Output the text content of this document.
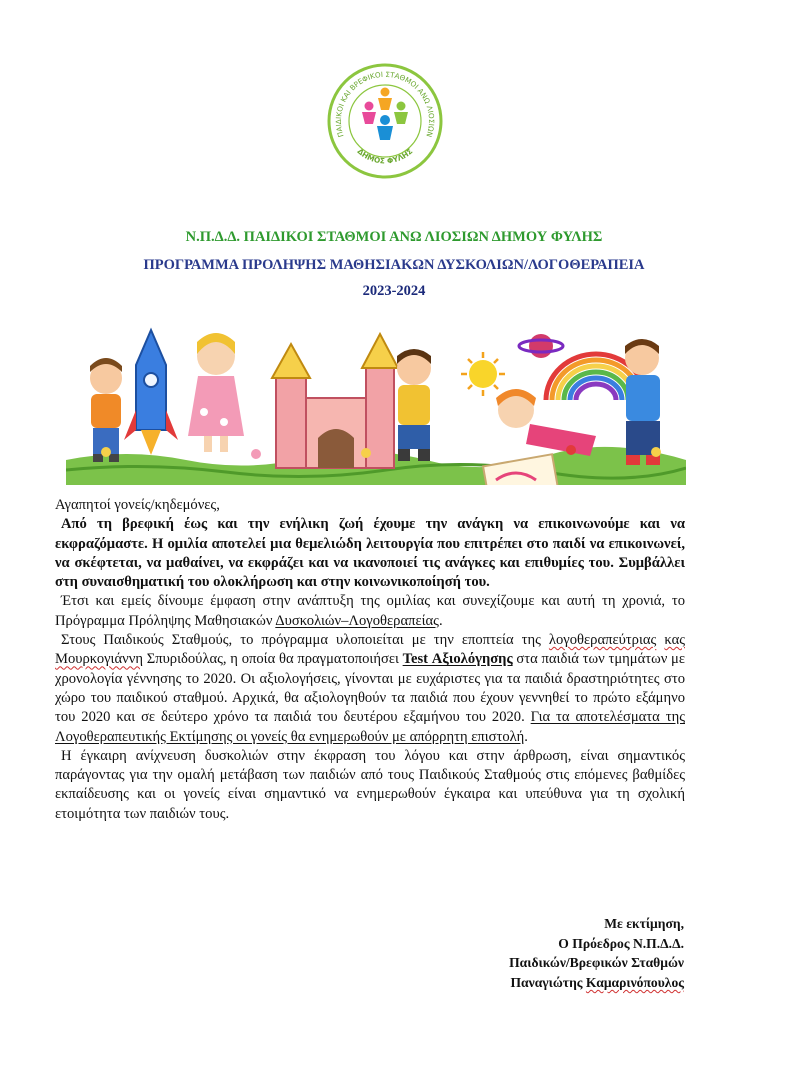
ΠΑΙΔΙΚΟΙ ΚΑΙ ΒΡΕΦΙΚΟΙ ΣΤΑΘΜΟΙ ΑΝΩ ΛΙΟΣΙΩΝ
ΔΗΜΟΣ ΦΥΛΗΣ
Ν.Π.Δ.Δ. ΠΑΙΔΙΚΟΙ ΣΤΑΘΜΟΙ ΑΝΩ ΛΙΟΣΙΩΝ ΔΗΜΟΥ ΦΥΛΗΣ
ΠΡΟΓΡΑΜΜΑ ΠΡΟΛΗΨΗΣ ΜΑΘΗΣΙΑΚΩΝ ΔΥΣΚΟΛΙΩΝ/ΛΟΓΟΘΕΡΑΠΕΙΑ
2023-2024

Αγαπητοί γονείς/κηδεμόνες,

Από τη βρεφική έως και την ενήλικη ζωή έχουμε την ανάγκη να επικοινωνούμε και να εκφραζόμαστε. Η ομιλία αποτελεί μια θεμελιώδη λειτουργία που επιτρέπει στο παιδί να επικοινωνεί, να σκέφτεται, να μαθαίνει, να εκφράζει και να ικανοποιεί τις ανάγκες και επιθυμίες του. Συμβάλλει στη συναισθηματική του ολοκλήρωση και στην κοινωνικοποίησή του.

Έτσι και εμείς δίνουμε έμφαση στην ανάπτυξη της ομιλίας και συνεχίζουμε και αυτή τη χρονιά, το Πρόγραμμα Πρόληψης Μαθησιακών Δυσκολιών–Λογοθεραπείας.

Στους Παιδικούς Σταθμούς, το πρόγραμμα υλοποιείται με την εποπτεία της λογοθεραπεύτριας κας Μουρκογιάννη Σπυριδούλας, η οποία θα πραγματοποιήσει Test Αξιολόγησης στα παιδιά των τμημάτων με χρονολογία γέννησης το 2020. Οι αξιολογήσεις, γίνονται με ευχάριστες για τα παιδιά δραστηριότητες στο χώρο του παιδικού σταθμού. Αρχικά, θα αξιολογηθούν τα παιδιά που έχουν γεννηθεί το πρώτο εξάμηνο του 2020 και σε δεύτερο χρόνο τα παιδιά του δευτέρου εξαμήνου του 2020. Για τα αποτελέσματα της Λογοθεραπευτικής Εκτίμησης οι γονείς θα ενημερωθούν με απόρρητη επιστολή.

Η έγκαιρη ανίχνευση δυσκολιών στην έκφραση του λόγου και στην άρθρωση, είναι σημαντικός παράγοντας για την ομαλή μετάβαση των παιδιών από τους Παιδικούς Σταθμούς στις επόμενες βαθμίδες εκπαίδευσης και οι γονείς είναι σημαντικό να ενημερωθούν έγκαιρα και υπεύθυνα για τη σχολική ετοιμότητα των παιδιών τους.

Με εκτίμηση,
Ο Πρόεδρος Ν.Π.Δ.Δ.
Παιδικών/Βρεφικών Σταθμών
Παναγιώτης Καμαρινόπουλος
